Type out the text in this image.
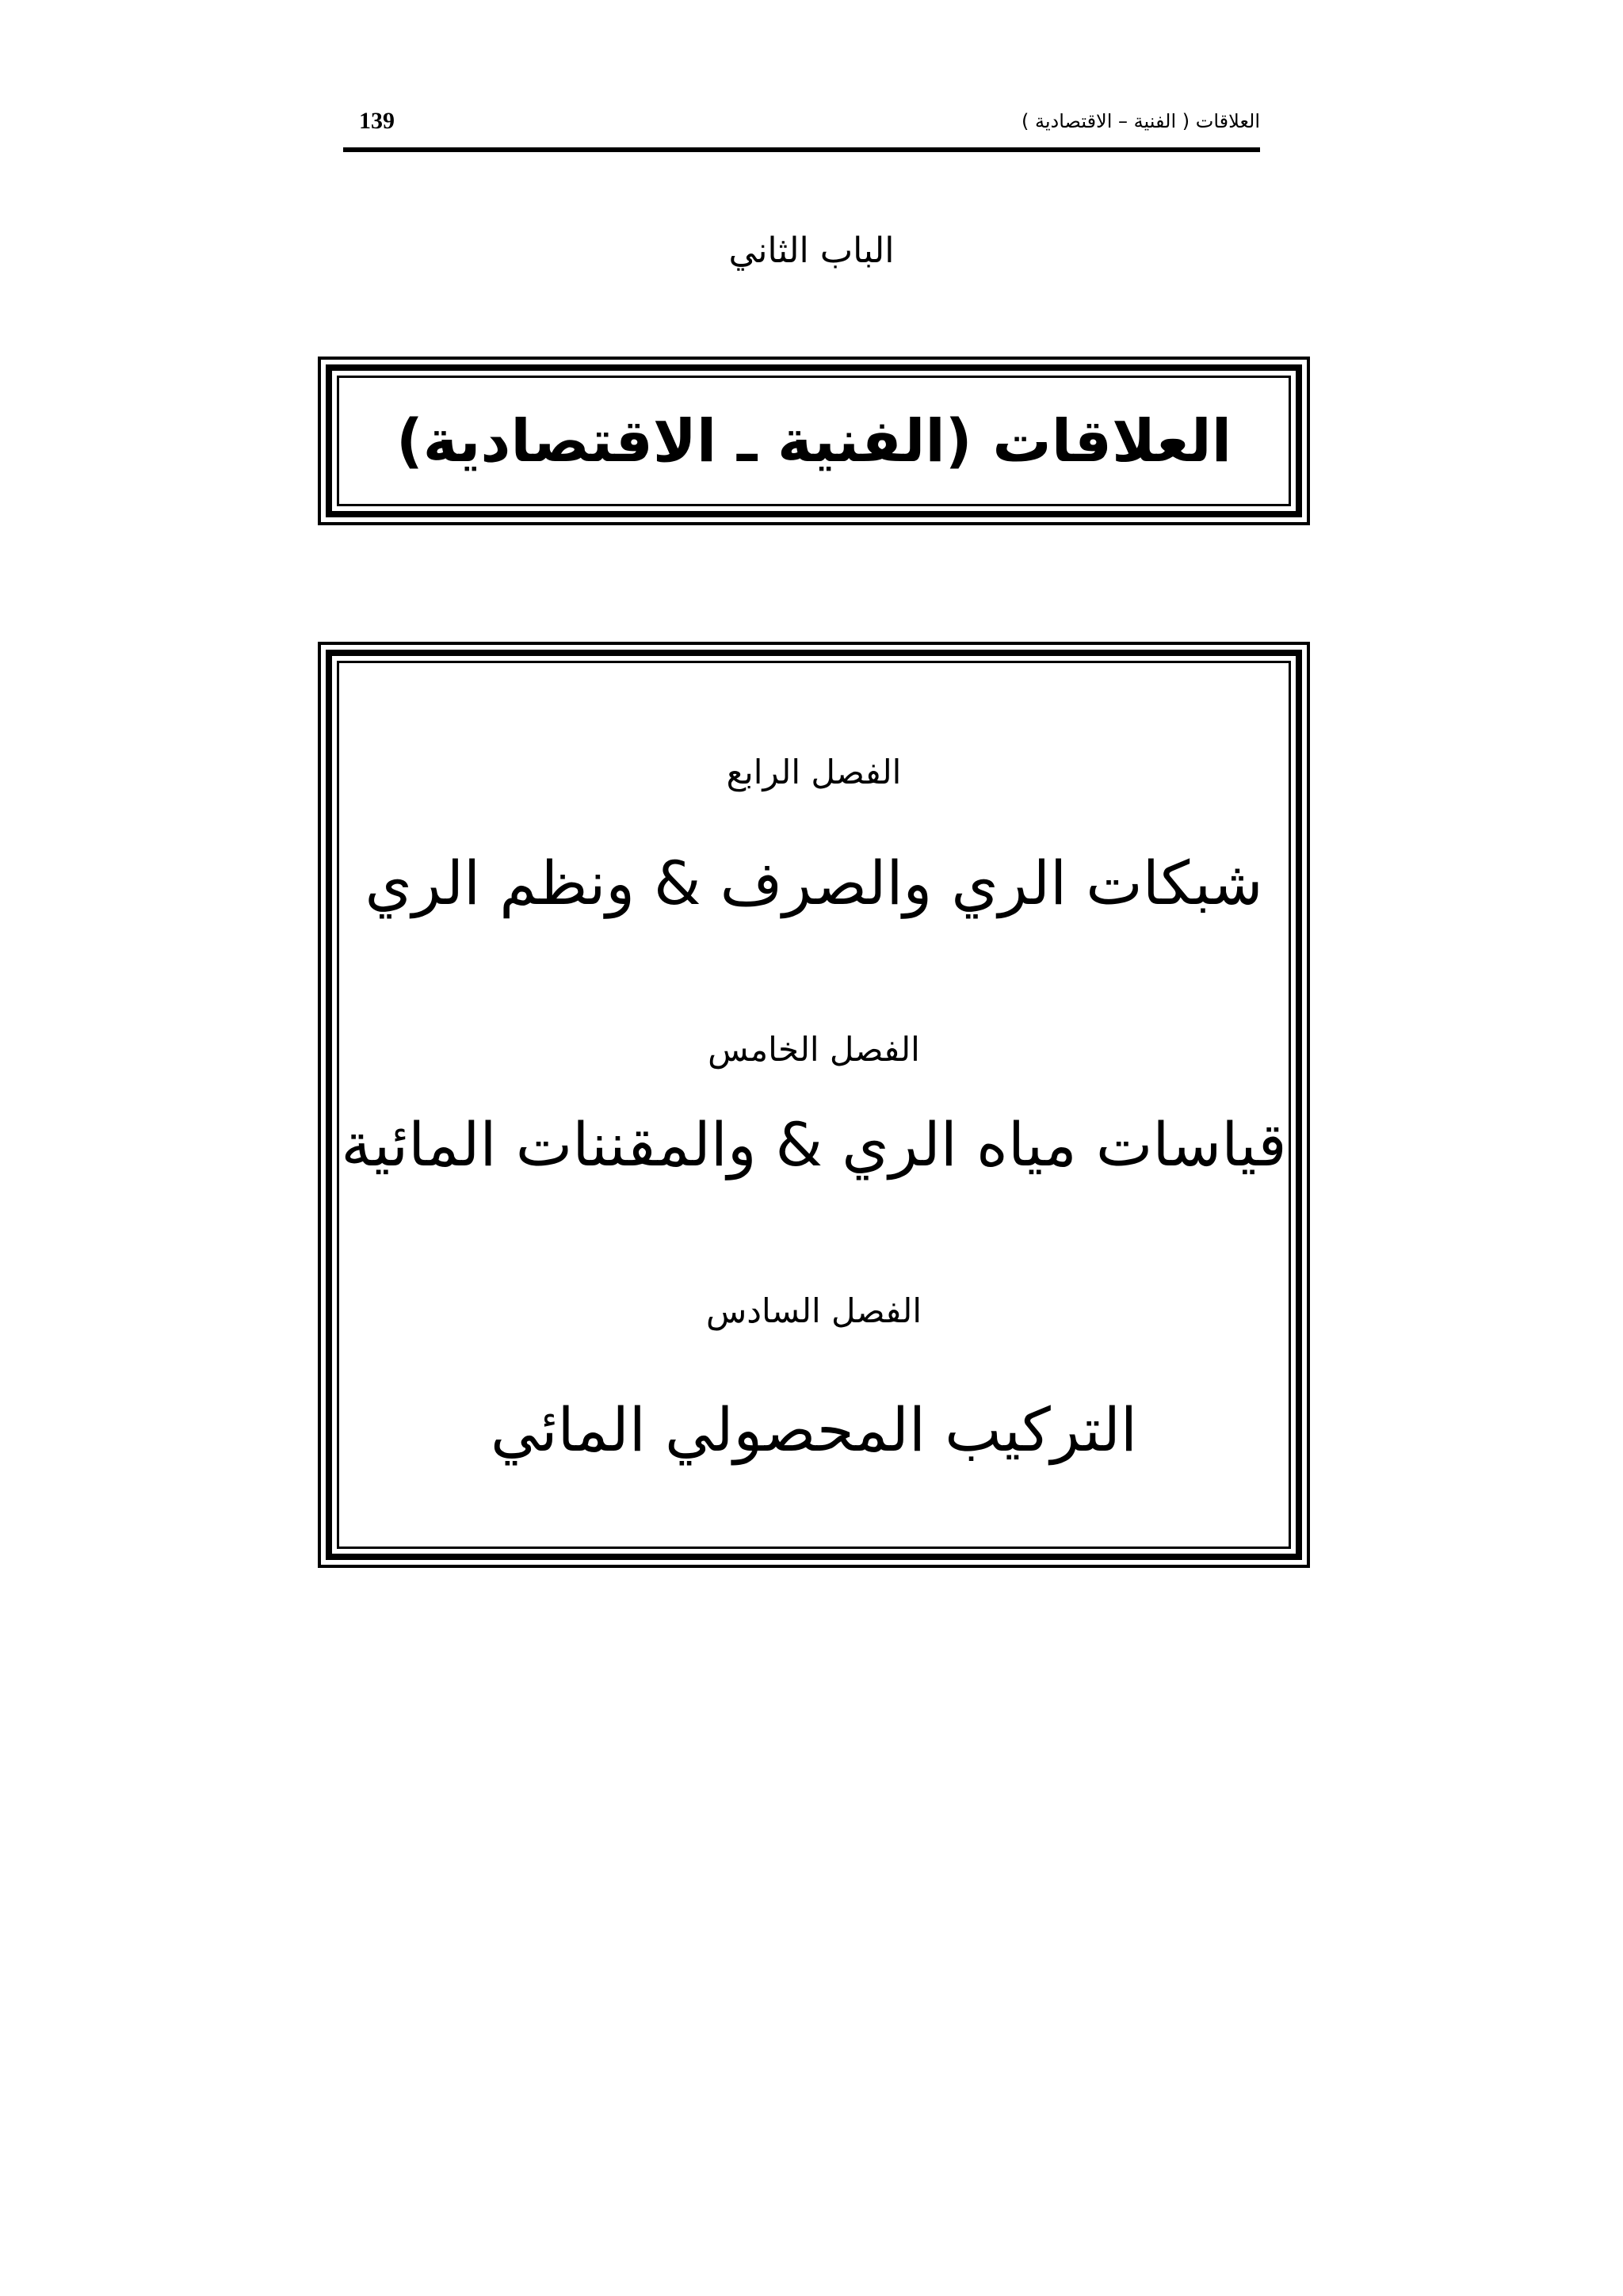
139	العلاقات ( الفنية – الاقتصادية )
الباب الثاني
العلاقات (الفنية ـ الاقتصادية)
الفصل الرابع
شبكات الري والصرف & ونظم الري
الفصل الخامس
قياسات مياه الري & والمقننات المائية
الفصل السادس
التركيب المحصولي المائي
